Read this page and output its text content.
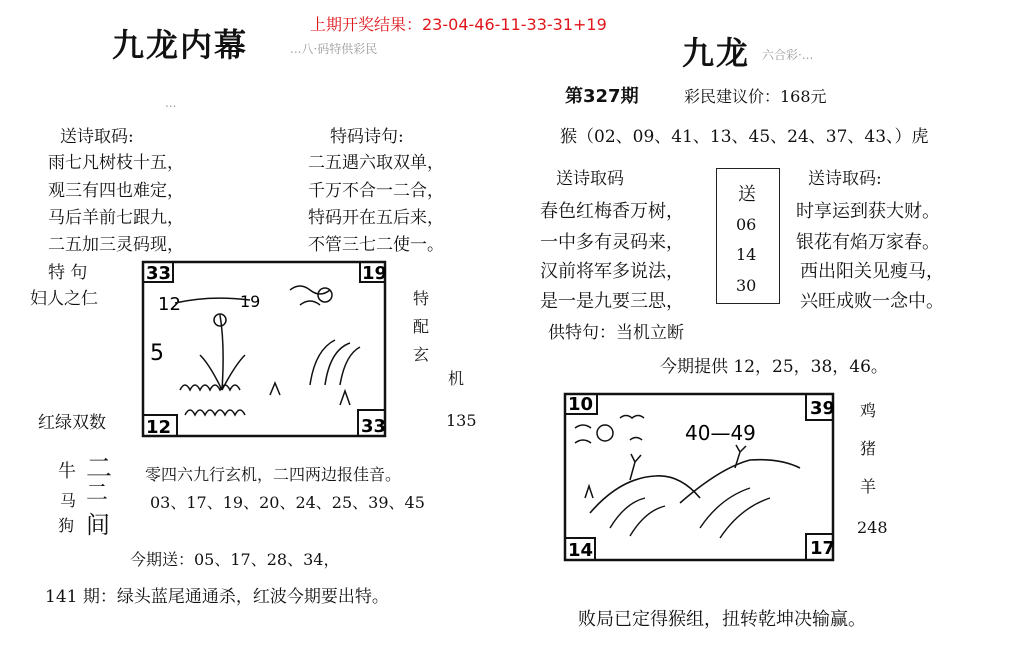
上期开奖结果：23-04-46-11-33-31+19
九龙内幕	...八·码特供彩民
...
送诗取码:
雨七凡树枝十五，
观三有四也难定，
马后羊前七跟九，
二五加三灵码现，
特码诗句:
二五遇六取双单，
千万不合一二合，
特码开在五后来，
不管三七二使一。
特 句
妇人之仁
33	19
12	33
12	19
5
特
配
玄
机
135
红绿双数
牛
马
狗
二
二
间
零四六九行玄机，二四两边报佳音。
03、17、19、20、24、25、39、45
今期送：05、17、28、34，
141 期：绿头蓝尾通通杀，红波今期要出特。
九龙 六合彩·...
第327期	彩民建议价：168元
猴（02、09、41、13、45、24、37、43、）虎
送诗取码
春色红梅香万树，
一中多有灵码来，
汉前将军多说法，
是一是九要三思，
送
06
14
30
送诗取码:
时享运到获大财。
银花有焰万家春。
西出阳关见瘦马，
兴旺成败一念中。
供特句：当机立断
今期提供 12，25，38，46。
10	39
14	17
40—49
鸡
猪
羊
248
败局已定得猴组，扭转乾坤决输赢。
